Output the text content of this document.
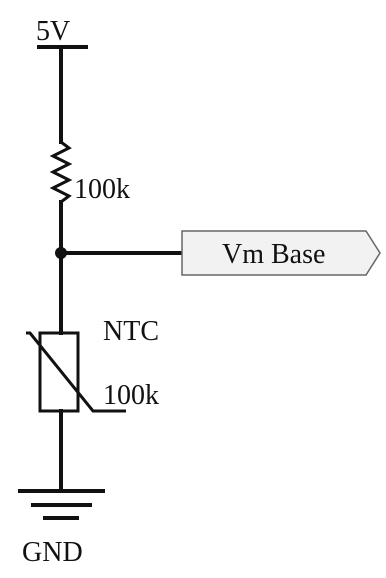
5V
100k
Vm Base
NTC
100k
GND
